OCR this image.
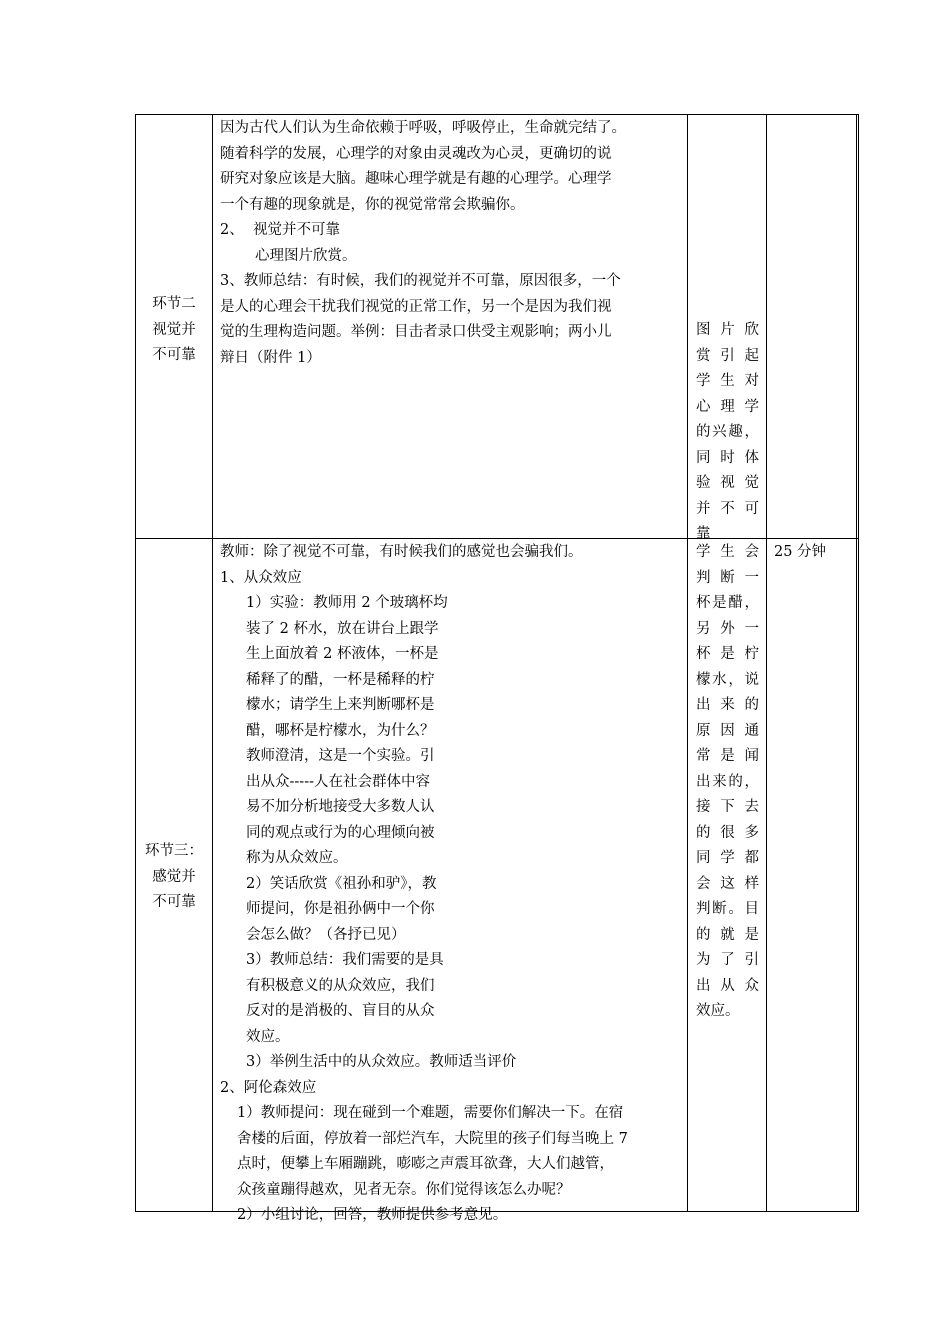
环节二
视觉并
不可靠
因为古代人们认为生命依赖于呼吸，呼吸停止，生命就完结了。
随着科学的发展，心理学的对象由灵魂改为心灵，更确切的说
研究对象应该是大脑。趣味心理学就是有趣的心理学。心理学
一个有趣的现象就是，你的视觉常常会欺骗你。
2、  视觉并不可靠
心理图片欣赏。
3、教师总结：有时候，我们的视觉并不可靠，原因很多，一个
是人的心理会干扰我们视觉的正常工作，另一个是因为我们视
觉的生理构造问题。举例：目击者录口供受主观影响；两小儿
辩日（附件 1）
图片欣
赏引起
学生对
心理学
的兴趣，
同时体
验视觉
并不可
靠
环节三：
感觉并
不可靠
教师：除了视觉不可靠，有时候我们的感觉也会骗我们。
1、从众效应
1）实验：教师用 2 个玻璃杯均
装了 2 杯水，放在讲台上跟学
生上面放着 2 杯液体，一杯是
稀释了的醋，一杯是稀释的柠
檬水；请学生上来判断哪杯是
醋，哪杯是柠檬水，为什么？
教师澄清，这是一个实验。引
出从众-----人在社会群体中容
易不加分析地接受大多数人认
同的观点或行为的心理倾向被
称为从众效应。
2）笑话欣赏《祖孙和驴》，教
师提问，你是祖孙俩中一个你
会怎么做？（各抒已见）
3）教师总结：我们需要的是具
有积极意义的从众效应，我们
反对的是消极的、盲目的从众
效应。
3）举例生活中的从众效应。教师适当评价
2、阿伦森效应
1）教师提问：现在碰到一个难题，需要你们解决一下。在宿
舍楼的后面，停放着一部烂汽车，大院里的孩子们每当晚上 7
点时，便攀上车厢蹦跳，嘭嘭之声震耳欲聋，大人们越管，
众孩童蹦得越欢，见者无奈。你们觉得该怎么办呢？
2）小组讨论，回答，教师提供参考意见。
学生会
判断一
杯是醋，
另外一
杯是柠
檬水，说
出来的
原因通
常是闻
出来的，
接下去
的很多
同学都
会这样
判断。目
的就是
为了引
出从众
效应。
25 分钟
